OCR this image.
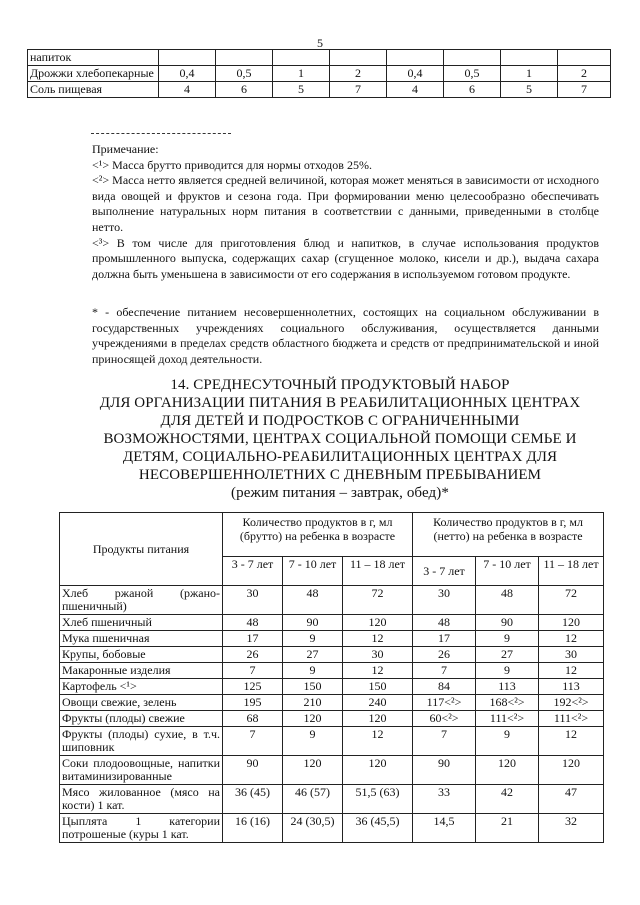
5
напиток								
Дрожжи хлебопекарные	0,4	0,5	1	2	0,4	0,5	1	2
Соль пищевая	4	6	5	7	4	6	5	7

Примечание:

<¹> Масса брутто приводится для нормы отходов 25%.

<²> Масса нетто является средней величиной, которая может меняться в зависимости от исходного вида овощей и фруктов и сезона года. При формировании меню целесообразно обеспечивать выполнение натуральных норм питания в соответствии с данными, приведенными в столбце нетто.

<³> В том числе для приготовления блюд и напитков, в случае использования продуктов промышленного выпуска, содержащих сахар (сгущенное молоко, кисели и др.), выдача сахара должна быть уменьшена в зависимости от его содержания в используемом готовом продукте.

* - обеспечение питанием несовершеннолетних, состоящих на социальном обслуживании в государственных учреждениях социального обслуживания, осуществляется данными учреждениями в пределах средств областного бюджета и средств от предпринимательской и иной приносящей доход деятельности.
14. СРЕДНЕСУТОЧНЫЙ ПРОДУКТОВЫЙ НАБОР
ДЛЯ ОРГАНИЗАЦИИ ПИТАНИЯ В РЕАБИЛИТАЦИОННЫХ ЦЕНТРАХ
ДЛЯ ДЕТЕЙ И ПОДРОСТКОВ С ОГРАНИЧЕННЫМИ
ВОЗМОЖНОСТЯМИ, ЦЕНТРАХ СОЦИАЛЬНОЙ ПОМОЩИ СЕМЬЕ И
ДЕТЯМ, СОЦИАЛЬНО-РЕАБИЛИТАЦИОННЫХ ЦЕНТРАХ ДЛЯ
НЕСОВЕРШЕННОЛЕТНИХ С ДНЕВНЫМ ПРЕБЫВАНИЕМ
(режим питания – завтрак, обед)*
Продукты питания	Количество продуктов в г, мл (брутто) на ребенка в возрасте			Количество продуктов в г, мл (нетто) на ребенка в возрасте		
	3 - 7 лет	7 - 10 лет	11 – 18 лет	3 - 7 лет	7 - 10 лет	11 – 18 лет
Хлеб ржаной (ржано-пшеничный)	30	48	72	30	48	72
Хлеб пшеничный	48	90	120	48	90	120
Мука пшеничная	17	9	12	17	9	12
Крупы, бобовые	26	27	30	26	27	30
Макаронные изделия	7	9	12	7	9	12
Картофель <¹>	125	150	150	84	113	113
Овощи свежие, зелень	195	210	240	117<²>	168<²>	192<²>
Фрукты (плоды) свежие	68	120	120	60<²>	111<²>	111<²>
Фрукты (плоды) сухие, в т.ч. шиповник	7	9	12	7	9	12
Соки плодоовощные, напитки витаминизированные	90	120	120	90	120	120
Мясо жилованное (мясо на кости) 1 кат.	36 (45)	46 (57)	51,5 (63)	33	42	47
Цыплята 1 категории потрошеные (куры 1 кат.	16 (16)	24 (30,5)	36 (45,5)	14,5	21	32
